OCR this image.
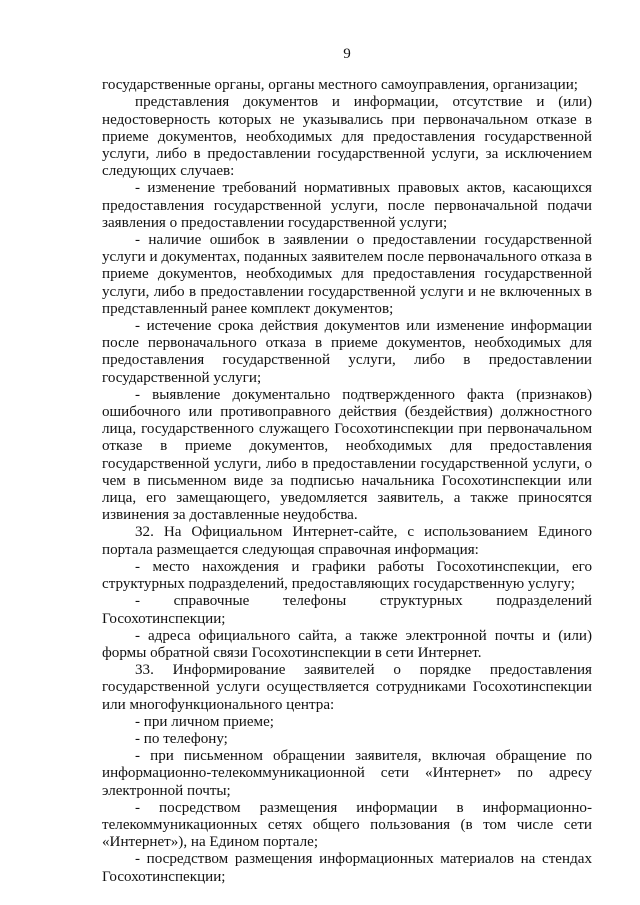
9

государственные органы, органы местного самоуправления, организации;

представления документов и информации, отсутствие и (или) недостоверность которых не указывались при первоначальном отказе в приеме документов, необходимых для предоставления государственной услуги, либо в предоставлении государственной услуги, за исключением следующих случаев:

- изменение требований нормативных правовых актов, касающихся предоставления государственной услуги, после первоначальной подачи заявления о предоставлении государственной услуги;

- наличие ошибок в заявлении о предоставлении государственной услуги и документах, поданных заявителем после первоначального отказа в приеме документов, необходимых для предоставления государственной услуги, либо в предоставлении государственной услуги и не включенных в представленный ранее комплект документов;

- истечение срока действия документов или изменение информации после первоначального отказа в приеме документов, необходимых для предоставления государственной услуги, либо в предоставлении государственной услуги;

- выявление документально подтвержденного факта (признаков) ошибочного или противоправного действия (бездействия) должностного лица, государственного служащего Госохотинспекции при первоначальном отказе в приеме документов, необходимых для предоставления государственной услуги, либо в предоставлении государственной услуги, о чем в письменном виде за подписью начальника Госохотинспекции или лица, его замещающего, уведомляется заявитель, а также приносятся извинения за доставленные неудобства.

32. На Официальном Интернет-сайте, с использованием Единого портала размещается следующая справочная информация:

- место нахождения и графики работы Госохотинспекции, его структурных подразделений, предоставляющих государственную услугу;

- справочные телефоны структурных подразделений Госохотинспекции;

- адреса официального сайта, а также электронной почты и (или) формы обратной связи Госохотинспекции в сети Интернет.

33. Информирование заявителей о порядке предоставления государственной услуги осуществляется сотрудниками Госохотинспекции или многофункционального центра:

- при личном приеме;

- по телефону;

- при письменном обращении заявителя, включая обращение по информационно-телекоммуникационной сети «Интернет» по адресу электронной почты;

- посредством размещения информации в информационно-телекоммуникационных сетях общего пользования (в том числе сети «Интернет»), на Едином портале;

- посредством размещения информационных материалов на стендах Госохотинспекции;
